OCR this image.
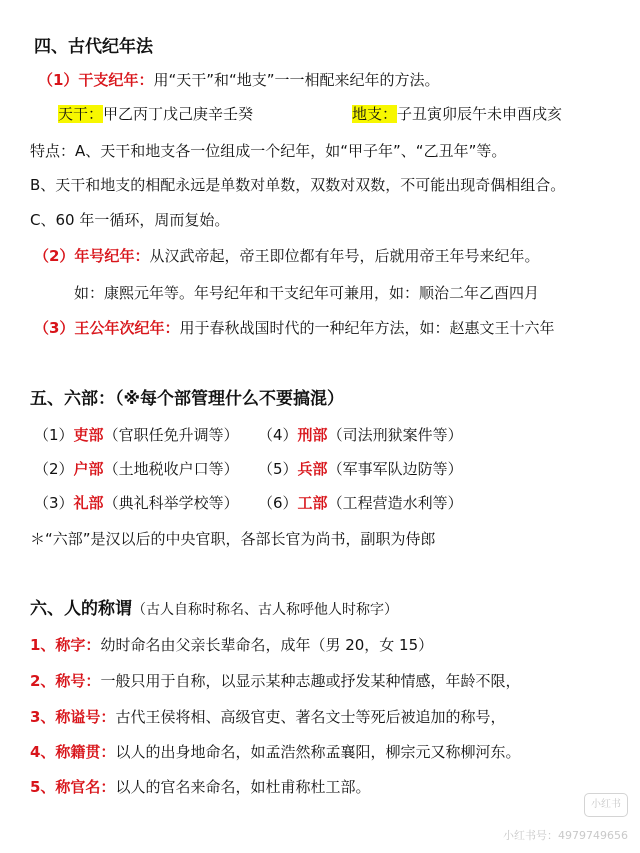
四、古代纪年法
（1）干支纪年：用“天干”和“地支”一一相配来纪年的方法。
天干：甲乙丙丁戊己庚辛壬癸	地支：子丑寅卯辰午未申酉戌亥
特点：A、天干和地支各一位组成一个纪年，如“甲子年”、“乙丑年”等。
B、天干和地支的相配永远是单数对单数，双数对双数，不可能出现奇偶相组合。
C、60 年一循环，周而复始。
（2）年号纪年：从汉武帝起，帝王即位都有年号，后就用帝王年号来纪年。
如：康熙元年等。年号纪年和干支纪年可兼用，如：顺治二年乙酉四月
（3）王公年次纪年：用于春秋战国时代的一种纪年方法，如：赵惠文王十六年
五、六部：（※每个部管理什么不要搞混）
（1）吏部（官职任免升调等） （4）刑部（司法刑狱案件等）
（2）户部（土地税收户口等） （5）兵部（军事军队边防等）
（3）礼部（典礼科举学校等） （6）工部（工程营造水利等）
＊“六部”是汉以后的中央官职，各部长官为尚书，副职为侍郎
六、人的称谓（古人自称时称名、古人称呼他人时称字）
1、称字：幼时命名由父亲长辈命名，成年（男 20，女 15）
2、称号：一般只用于自称，以显示某种志趣或抒发某种情感，年龄不限，
3、称谥号：古代王侯将相、高级官吏、著名文士等死后被追加的称号，
4、称籍贯：以人的出身地命名，如孟浩然称孟襄阳，柳宗元又称柳河东。
5、称官名：以人的官名来命名，如杜甫称杜工部。
小红书
小红书号：4979749656
